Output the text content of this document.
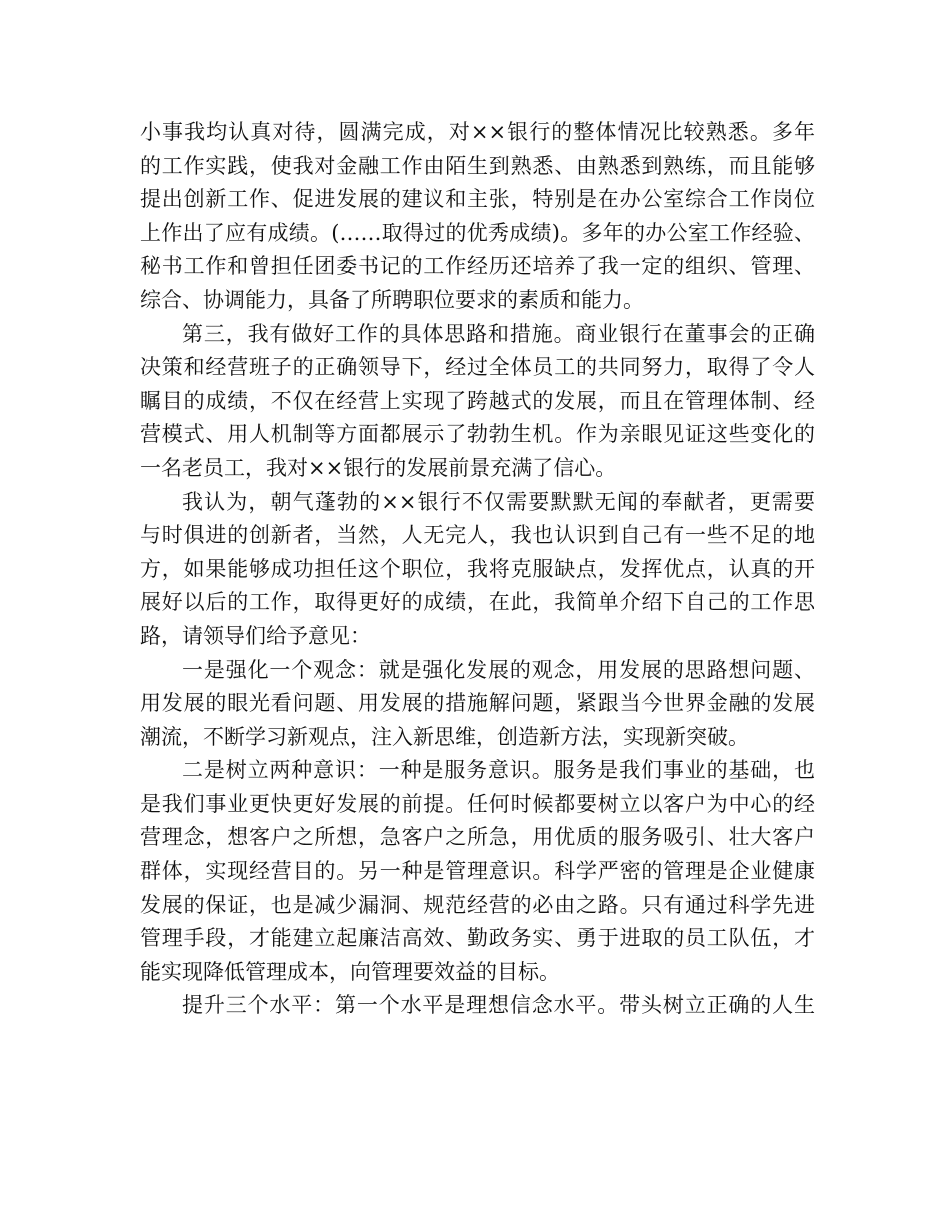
小事我均认真对待，圆满完成，对××银行的整体情况比较熟悉。多年
的工作实践，使我对金融工作由陌生到熟悉、由熟悉到熟练，而且能够
提出创新工作、促进发展的建议和主张，特别是在办公室综合工作岗位
上作出了应有成绩。(……取得过的优秀成绩)。多年的办公室工作经验、
秘书工作和曾担任团委书记的工作经历还培养了我一定的组织、管理、
综合、协调能力，具备了所聘职位要求的素质和能力。
第三，我有做好工作的具体思路和措施。商业银行在董事会的正确
决策和经营班子的正确领导下，经过全体员工的共同努力，取得了令人
瞩目的成绩，不仅在经营上实现了跨越式的发展，而且在管理体制、经
营模式、用人机制等方面都展示了勃勃生机。作为亲眼见证这些变化的
一名老员工，我对××银行的发展前景充满了信心。
我认为，朝气蓬勃的××银行不仅需要默默无闻的奉献者，更需要
与时俱进的创新者，当然，人无完人，我也认识到自己有一些不足的地
方，如果能够成功担任这个职位，我将克服缺点，发挥优点，认真的开
展好以后的工作，取得更好的成绩，在此，我简单介绍下自己的工作思
路，请领导们给予意见：
一是强化一个观念：就是强化发展的观念，用发展的思路想问题、
用发展的眼光看问题、用发展的措施解问题，紧跟当今世界金融的发展
潮流，不断学习新观点，注入新思维，创造新方法，实现新突破。
二是树立两种意识：一种是服务意识。服务是我们事业的基础，也
是我们事业更快更好发展的前提。任何时候都要树立以客户为中心的经
营理念，想客户之所想，急客户之所急，用优质的服务吸引、壮大客户
群体，实现经营目的。另一种是管理意识。科学严密的管理是企业健康
发展的保证，也是减少漏洞、规范经营的必由之路。只有通过科学先进
管理手段，才能建立起廉洁高效、勤政务实、勇于进取的员工队伍，才
能实现降低管理成本，向管理要效益的目标。
提升三个水平：第一个水平是理想信念水平。带头树立正确的人生
